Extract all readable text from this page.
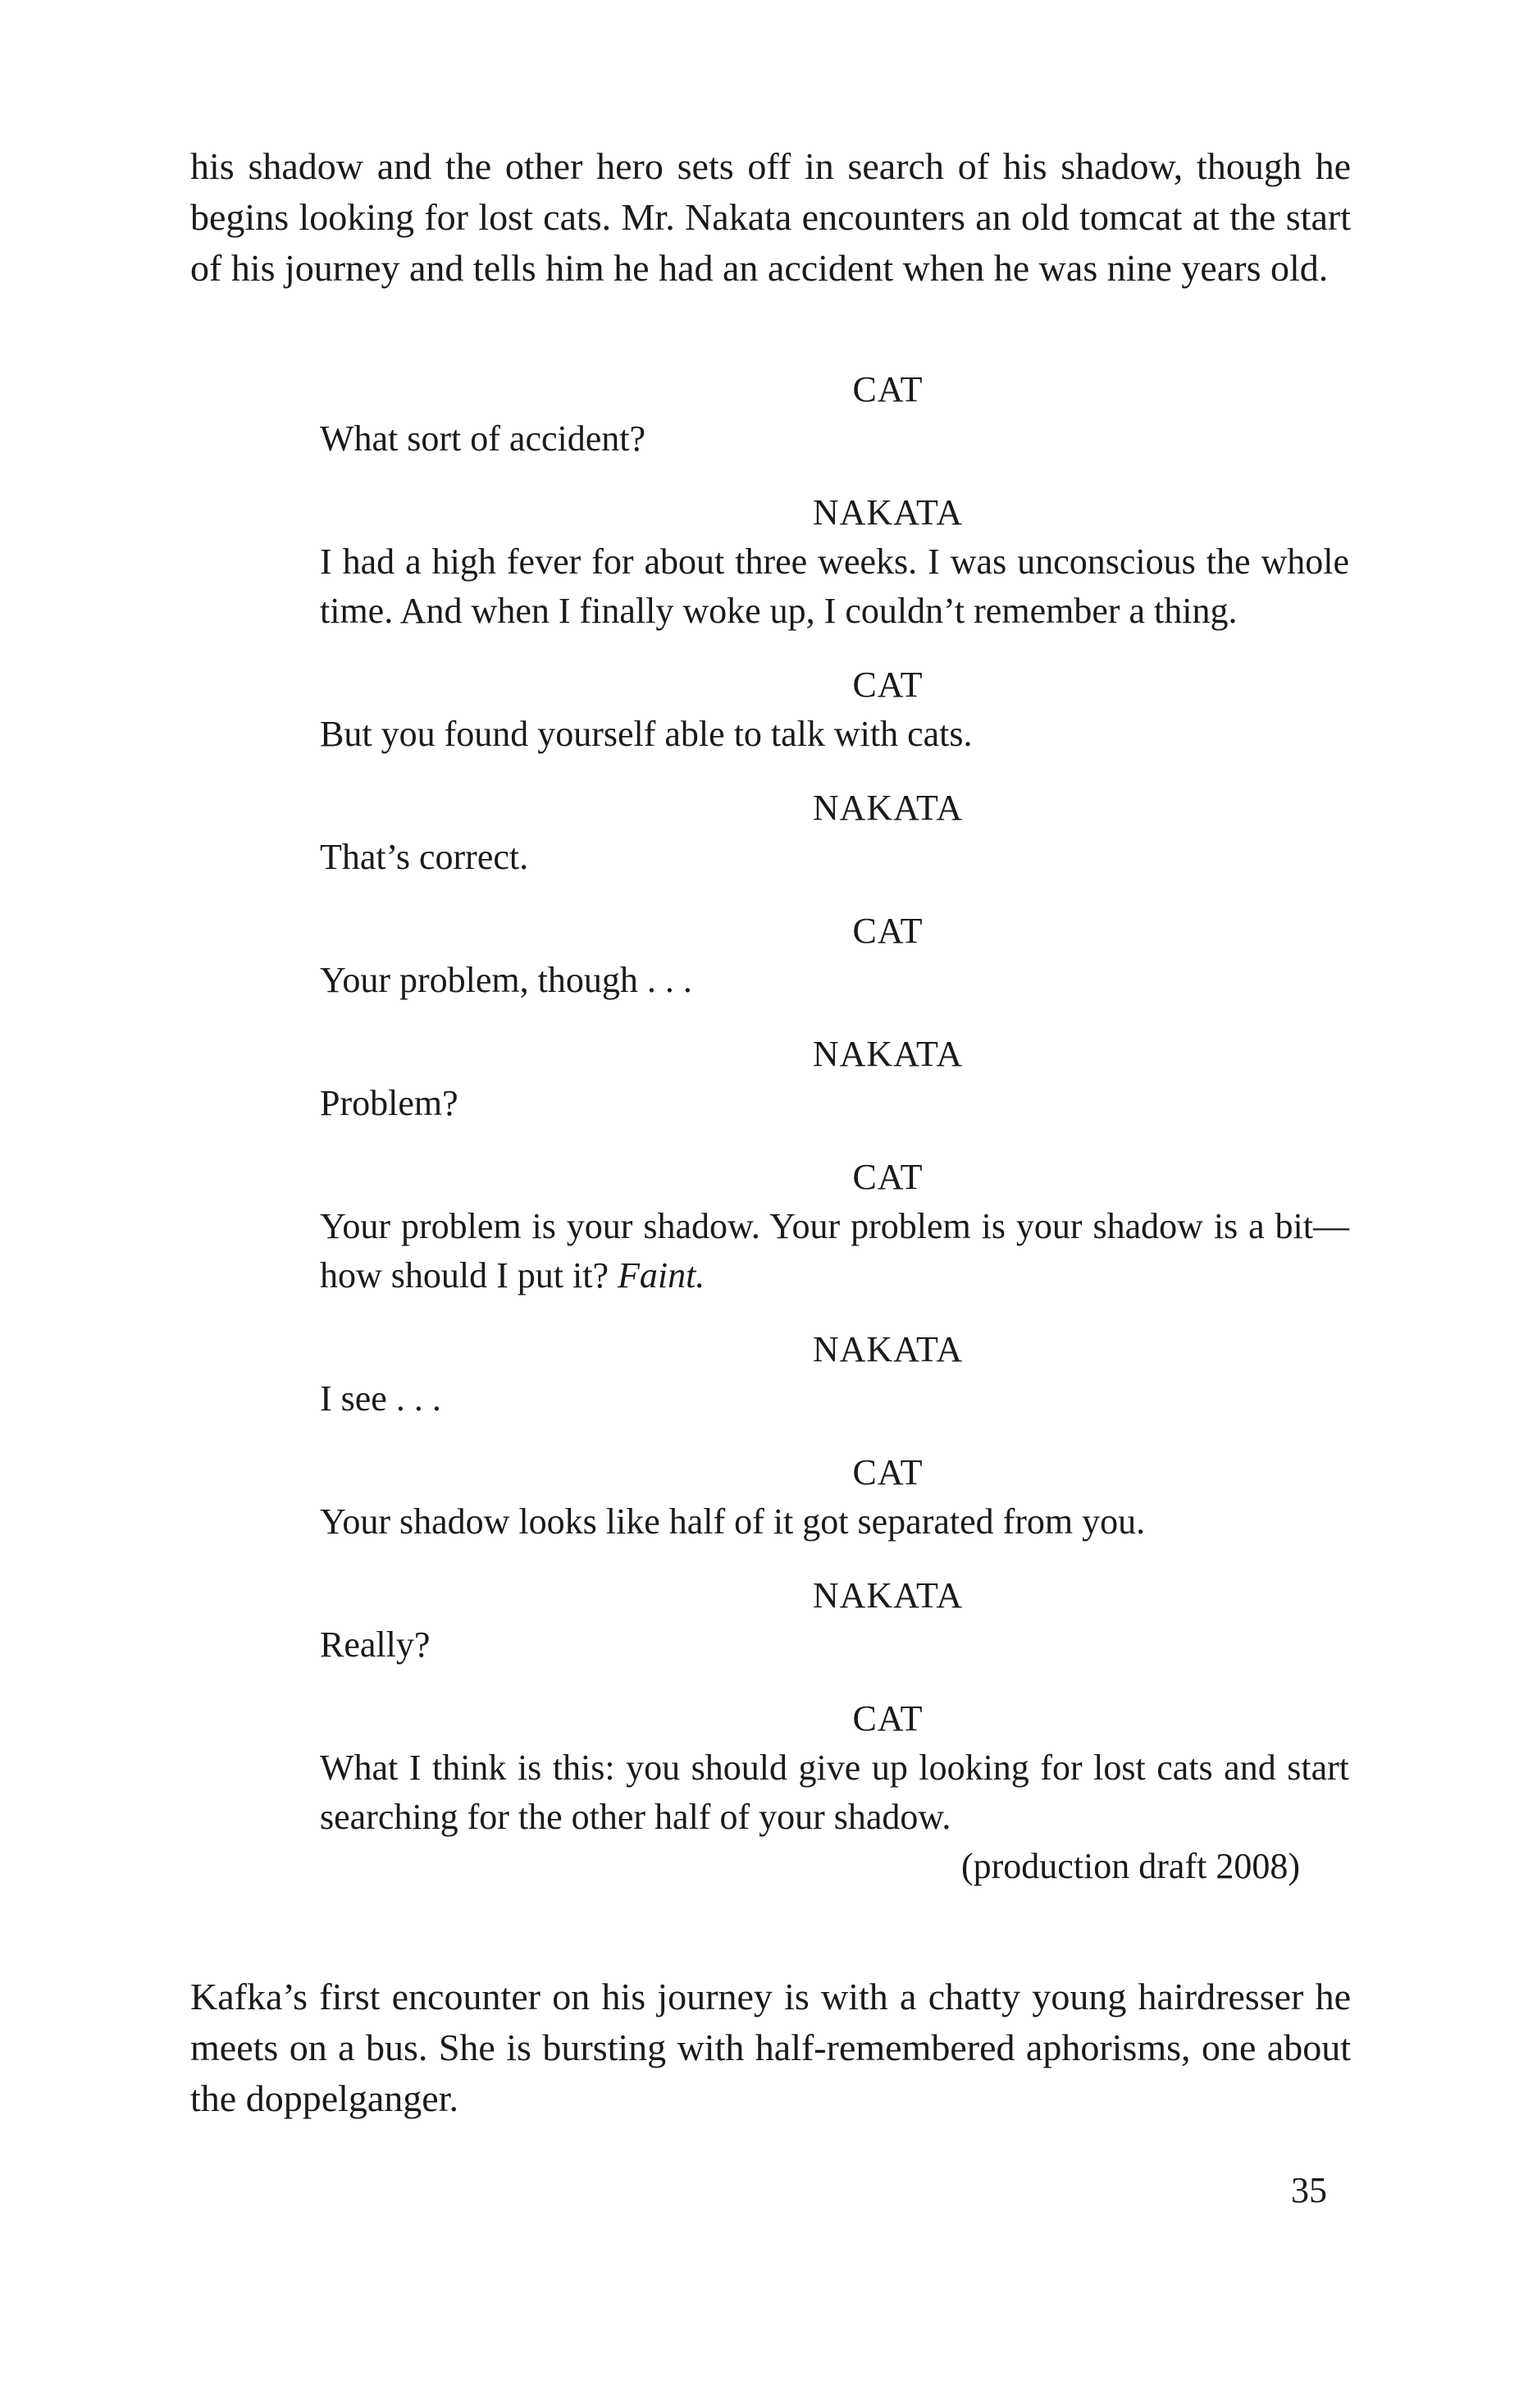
his shadow and the other hero sets off in search of his shadow, though he begins looking for lost cats. Mr. Nakata encounters an old tomcat at the start of his journey and tells him he had an accident when he was nine years old.

CAT

What sort of accident?

NAKATA

I had a high fever for about three weeks. I was unconscious the whole time. And when I finally woke up, I couldn’t remember a thing.

CAT

But you found yourself able to talk with cats.

NAKATA

That’s correct.

CAT

Your problem, though . . .

NAKATA

Problem?

CAT

Your problem is your shadow. Your problem is your shadow is a bit—how should I put it? Faint.

NAKATA

I see . . .

CAT

Your shadow looks like half of it got separated from you.

NAKATA

Really?

CAT

What I think is this: you should give up looking for lost cats and start searching for the other half of your shadow.

(production draft 2008)

Kafka’s first encounter on his journey is with a chatty young hairdresser he meets on a bus. She is bursting with half-remembered aphorisms, one about the doppelganger.

35
